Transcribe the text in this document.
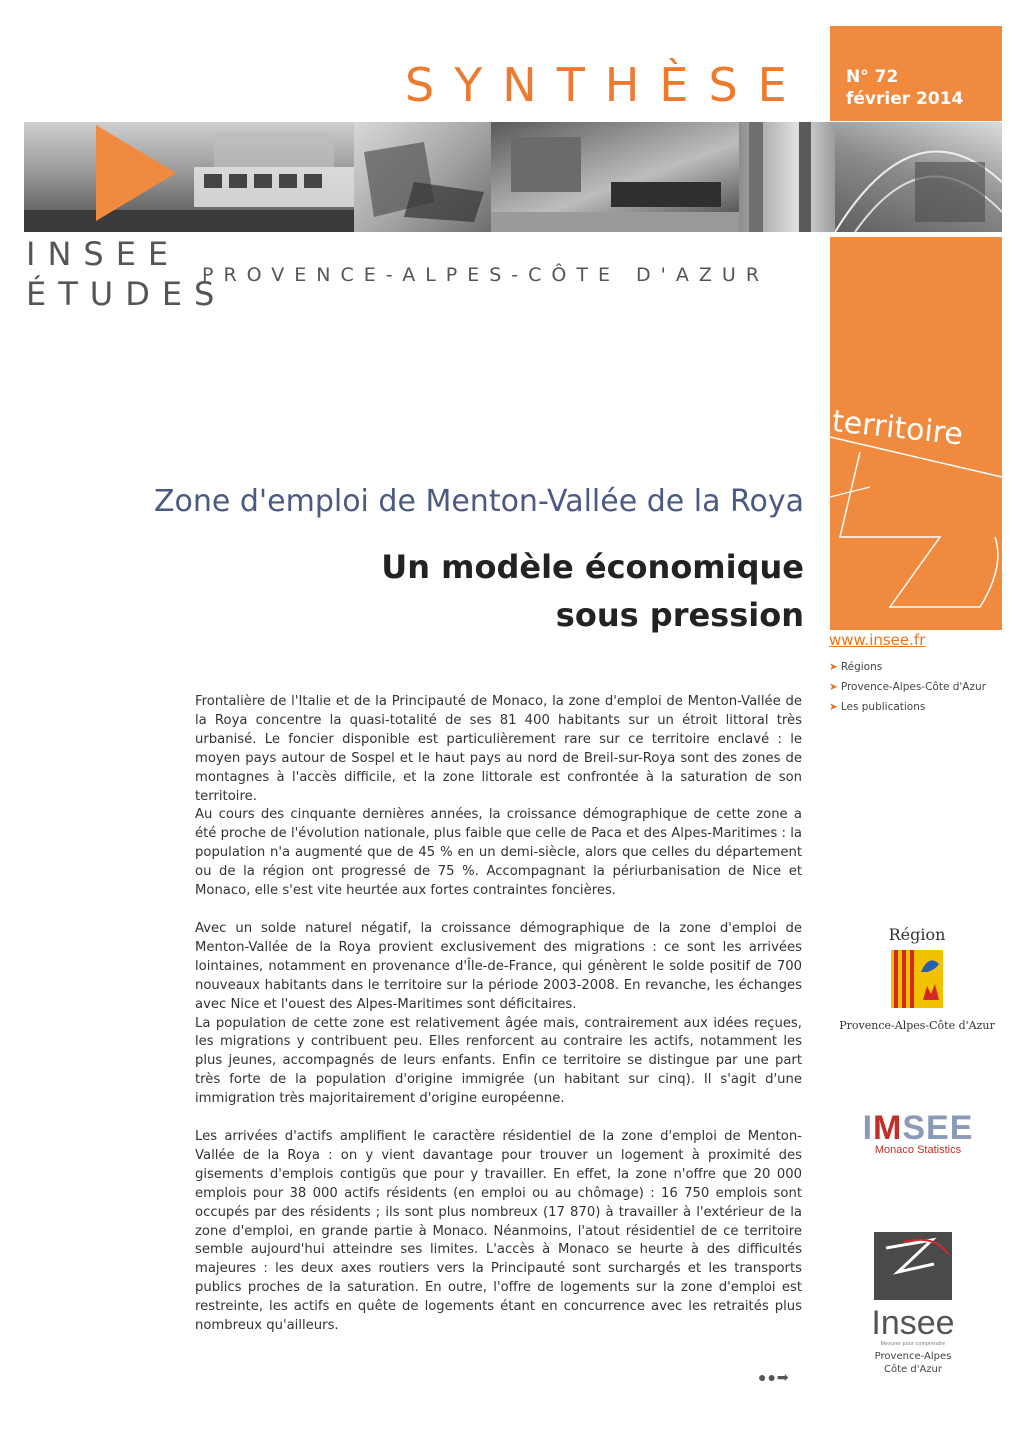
SYNTHÈSE N° 72
février 2014
INSEE
ÉTUDES
PROVENCE-ALPES-CÔTE D'AZUR
territoire
www.insee.fr
➤ Régions
➤ Provence-Alpes-Côte d'Azur
➤ Les publications
Zone d'emploi de Menton-Vallée de la Roya
Un modèle économique
sous pression

Frontalière de l'Italie et de la Principauté de Monaco, la zone d'emploi de Menton-Vallée de la Roya concentre la quasi-totalité de ses 81 400 habitants sur un étroit littoral très urbanisé. Le foncier disponible est particulièrement rare sur ce territoire enclavé : le moyen pays autour de Sospel et le haut pays au nord de Breil-sur-Roya sont des zones de montagnes à l'accès difficile, et la zone littorale est confrontée à la saturation de son territoire.

Au cours des cinquante dernières années, la croissance démographique de cette zone a été proche de l'évolution nationale, plus faible que celle de Paca et des Alpes-Maritimes : la population n'a augmenté que de 45 % en un demi-siècle, alors que celles du département ou de la région ont progressé de 75 %. Accompagnant la périurbanisation de Nice et Monaco, elle s'est vite heurtée aux fortes contraintes foncières.

Avec un solde naturel négatif, la croissance démographique de la zone d'emploi de Menton-Vallée de la Roya provient exclusivement des migrations : ce sont les arrivées lointaines, notamment en provenance d'Île-de-France, qui génèrent le solde positif de 700 nouveaux habitants dans le territoire sur la période 2003-2008. En revanche, les échanges avec Nice et l'ouest des Alpes-Maritimes sont déficitaires.

La population de cette zone est relativement âgée mais, contrairement aux idées reçues, les migrations y contribuent peu. Elles renforcent au contraire les actifs, notamment les plus jeunes, accompagnés de leurs enfants. Enfin ce territoire se distingue par une part très forte de la population d'origine immigrée (un habitant sur cinq). Il s'agit d'une immigration très majoritairement d'origine européenne.

Les arrivées d'actifs amplifient le caractère résidentiel de la zone d'emploi de Menton-Vallée de la Roya : on y vient davantage pour trouver un logement à proximité des gisements d'emplois contigüs que pour y travailler. En effet, la zone n'offre que 20 000 emplois pour 38 000 actifs résidents (en emploi ou au chômage) : 16 750 emplois sont occupés par des résidents ; ils sont plus nombreux (17 870) à travailler à l'extérieur de la zone d'emploi, en grande partie à Monaco. Néanmoins, l'atout résidentiel de ce territoire semble aujourd'hui atteindre ses limites. L'accès à Monaco se heurte à des difficultés majeures : les deux axes routiers vers la Principauté sont surchargés et les transports publics proches de la saturation. En outre, l'offre de logements sur la zone d'emploi est restreinte, les actifs en quête de logements étant en concurrence avec les retraités plus nombreux qu'ailleurs.

●●➡
Région
Provence-Alpes-Côte d'Azur
IMSEE
Monaco Statistics
Insee
Mesurer pour comprendre
Provence-Alpes
Côte d'Azur
